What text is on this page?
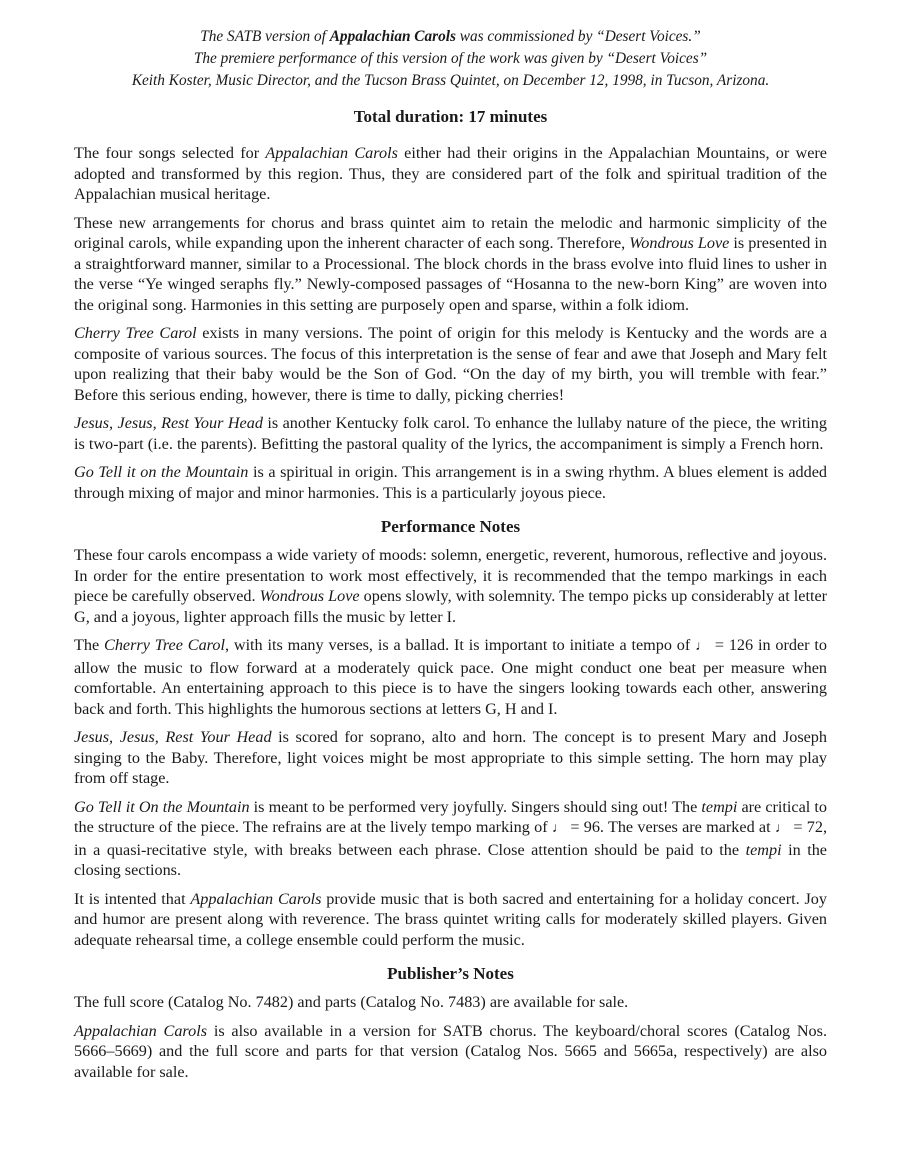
The SATB version of Appalachian Carols was commissioned by “Desert Voices.”

The premiere performance of this version of the work was given by “Desert Voices”

Keith Koster, Music Director, and the Tucson Brass Quintet, on December 12, 1998, in Tucson, Arizona.

Total duration: 17 minutes

The four songs selected for Appalachian Carols either had their origins in the Appalachian Mountains, or were adopted and transformed by this region. Thus, they are considered part of the folk and spiritual tradition of the Appalachian musical heritage.

These new arrangements for chorus and brass quintet aim to retain the melodic and harmonic simplicity of the original carols, while expanding upon the inherent character of each song. Therefore, Wondrous Love is presented in a straightforward manner, similar to a Processional. The block chords in the brass evolve into fluid lines to usher in the verse “Ye winged seraphs fly.” Newly-composed passages of “Hosanna to the new-born King” are woven into the original song. Harmonies in this setting are purposely open and sparse, within a folk idiom.

Cherry Tree Carol exists in many versions. The point of origin for this melody is Kentucky and the words are a composite of various sources. The focus of this interpretation is the sense of fear and awe that Joseph and Mary felt upon realizing that their baby would be the Son of God. “On the day of my birth, you will tremble with fear.” Before this serious ending, however, there is time to dally, picking cherries!

Jesus, Jesus, Rest Your Head is another Kentucky folk carol. To enhance the lullaby nature of the piece, the writing is two-part (i.e. the parents). Befitting the pastoral quality of the lyrics, the accompaniment is simply a French horn.

Go Tell it on the Mountain is a spiritual in origin. This arrangement is in a swing rhythm. A blues element is added through mixing of major and minor harmonies. This is a particularly joyous piece.

Performance Notes

These four carols encompass a wide variety of moods: solemn, energetic, reverent, humorous, reflective and joyous. In order for the entire presentation to work most effectively, it is recommended that the tempo markings in each piece be carefully observed. Wondrous Love opens slowly, with solemnity. The tempo picks up considerably at letter G, and a joyous, lighter approach fills the music by letter I.

The Cherry Tree Carol, with its many verses, is a ballad. It is important to initiate a tempo of ♩ = 126 in order to allow the music to flow forward at a moderately quick pace. One might conduct one beat per measure when comfortable. An entertaining approach to this piece is to have the singers looking towards each other, answering back and forth. This highlights the humorous sections at letters G, H and I.

Jesus, Jesus, Rest Your Head is scored for soprano, alto and horn. The concept is to present Mary and Joseph singing to the Baby. Therefore, light voices might be most appropriate to this simple setting. The horn may play from off stage.

Go Tell it On the Mountain is meant to be performed very joyfully. Singers should sing out! The tempi are critical to the structure of the piece. The refrains are at the lively tempo marking of ♩ = 96. The verses are marked at ♩ = 72, in a quasi-recitative style, with breaks between each phrase. Close attention should be paid to the tempi in the closing sections.

It is intented that Appalachian Carols provide music that is both sacred and entertaining for a holiday concert. Joy and humor are present along with reverence. The brass quintet writing calls for moderately skilled players. Given adequate rehearsal time, a college ensemble could perform the music.

Publisher’s Notes

The full score (Catalog No. 7482) and parts (Catalog No. 7483) are available for sale.

Appalachian Carols is also available in a version for SATB chorus. The keyboard/choral scores (Catalog Nos. 5666–5669) and the full score and parts for that version (Catalog Nos. 5665 and 5665a, respectively) are also available for sale.
